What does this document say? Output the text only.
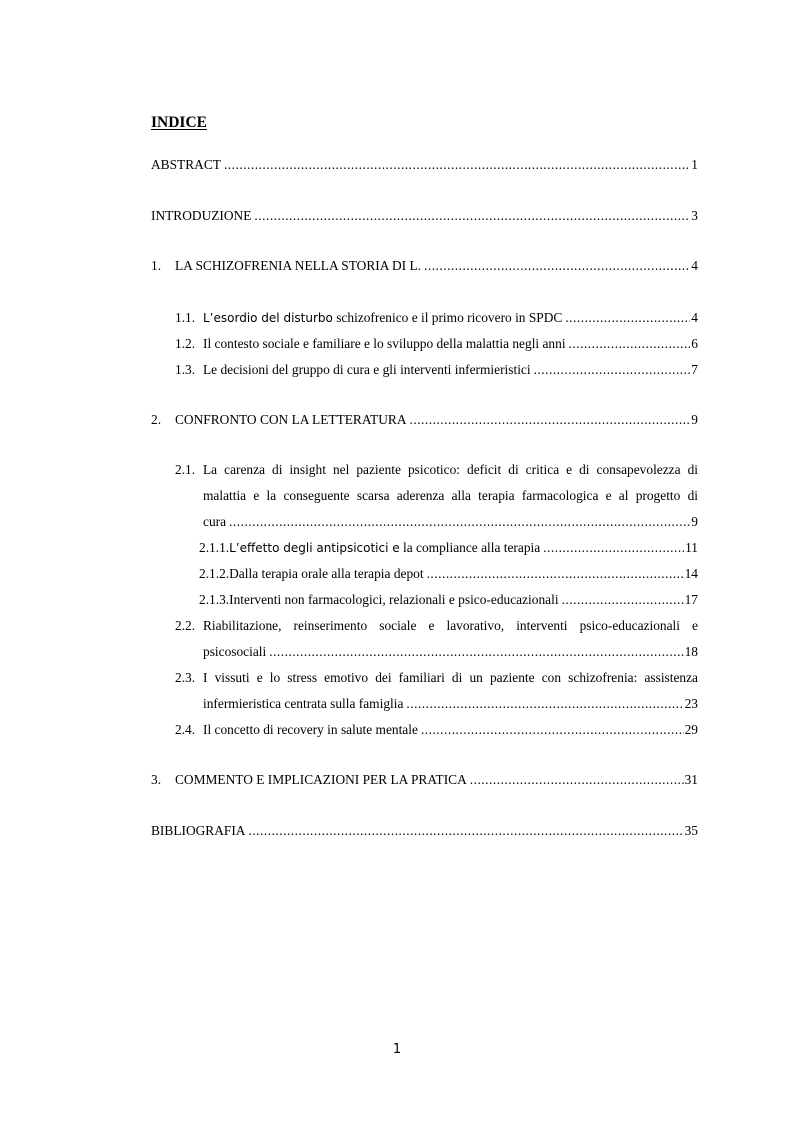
INDICE
ABSTRACT .....	1
INTRODUZIONE .....	3
1.	LA SCHIZOFRENIA NELLA STORIA DI L. .....	4
1.1. L’esordio del disturbo schizofrenico e il primo ricovero in SPDC .....	4
1.2. Il contesto sociale e familiare e lo sviluppo della malattia negli anni .....	6
1.3. Le decisioni del gruppo di cura e gli interventi infermieristici .....	7
2.	CONFRONTO CON LA LETTERATURA .....	9
2.1. La carenza di insight nel paziente psicotico: deficit di critica e di consapevolezza di
malattia e la conseguente scarsa aderenza alla terapia farmacologica e al progetto di
cura .....	9
2.1.1. L’effetto degli antipsicotici e la compliance alla terapia .....	11
2.1.2. Dalla terapia orale alla terapia depot .....	14
2.1.3. Interventi non farmacologici, relazionali e psico-educazionali .....	17
2.2. Riabilitazione, reinserimento sociale e lavorativo, interventi psico-educazionali e
psicosociali .....	18
2.3. I vissuti e lo stress emotivo dei familiari di un paziente con schizofrenia: assistenza
infermieristica centrata sulla famiglia .....	23
2.4. Il concetto di recovery in salute mentale .....	29
3.	COMMENTO E IMPLICAZIONI PER LA PRATICA .....	31
BIBLIOGRAFIA .....	35
1
